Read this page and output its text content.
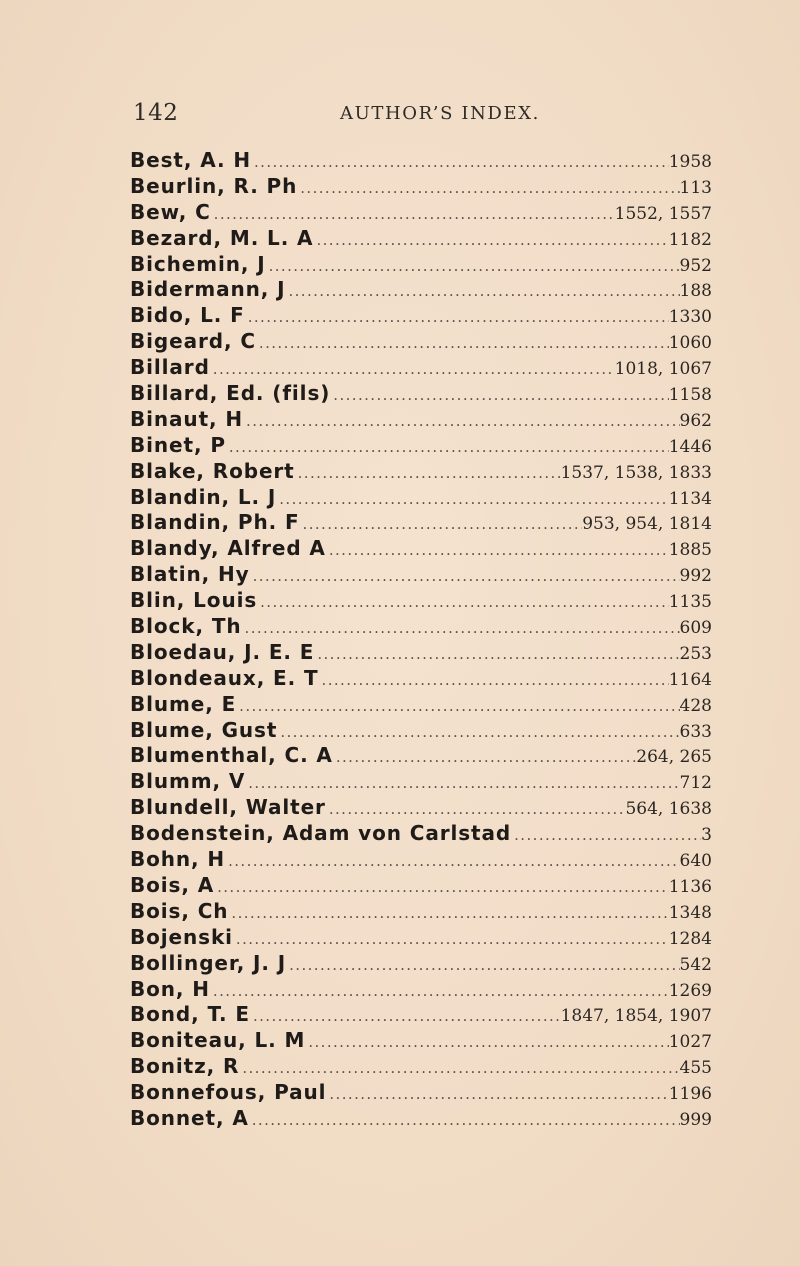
142	AUTHOR’S INDEX.
Best, A. H .....	1958
Beurlin, R. Ph .....	113
Bew, C .....	1552, 1557
Bezard, M. L. A .....	1182
Bichemin, J .....	952
Bidermann, J .....	188
Bido, L. F .....	1330
Bigeard, C .....	1060
Billard .....	1018, 1067
Billard, Ed. (fils) .....	1158
Binaut, H .....	962
Binet, P .....	1446
Blake, Robert .....	1537, 1538, 1833
Blandin, L. J .....	1134
Blandin, Ph. F .....	953, 954, 1814
Blandy, Alfred A .....	1885
Blatin, Hy .....	992
Blin, Louis .....	1135
Block, Th .....	609
Bloedau, J. E. E .....	253
Blondeaux, E. T .....	1164
Blume, E .....	428
Blume, Gust .....	633
Blumenthal, C. A .....	264, 265
Blumm, V .....	712
Blundell, Walter .....	564, 1638
Bodenstein, Adam von Carlstad .....	3
Bohn, H .....	640
Bois, A .....	1136
Bois, Ch .....	1348
Bojenski .....	1284
Bollinger, J. J .....	542
Bon, H .....	1269
Bond, T. E .....	1847, 1854, 1907
Boniteau, L. M .....	1027
Bonitz, R .....	455
Bonnefous, Paul .....	1196
Bonnet, A .....	999
